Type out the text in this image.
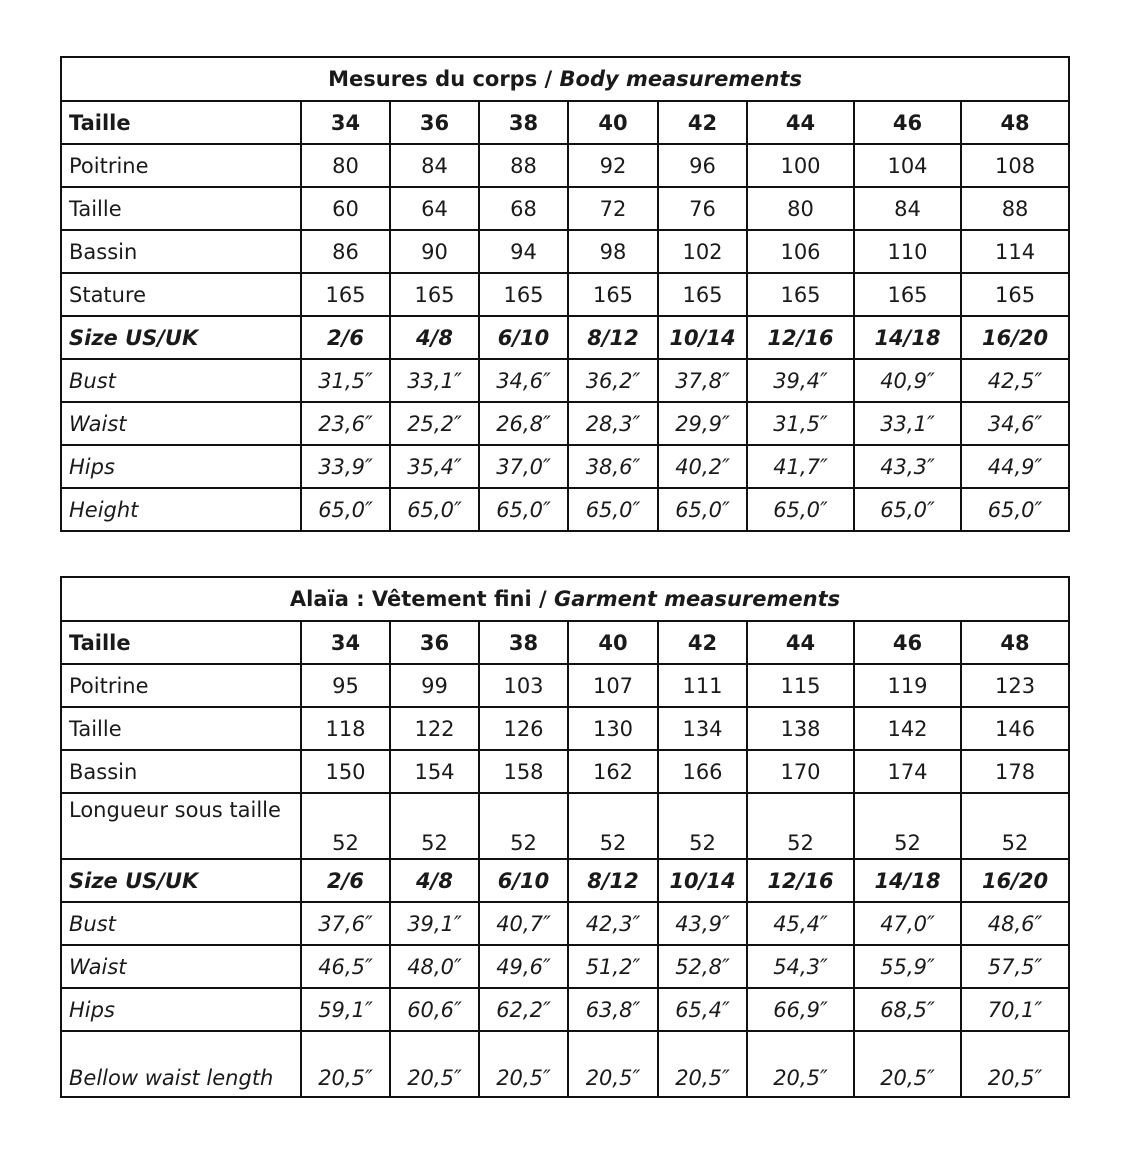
Mesures du corps / Body measurements								
Taille	34	36	38	40	42	44	46	48
Poitrine	80	84	88	92	96	100	104	108
Taille	60	64	68	72	76	80	84	88
Bassin	86	90	94	98	102	106	110	114
Stature	165	165	165	165	165	165	165	165
Size US/UK	2/6	4/8	6/10	8/12	10/14	12/16	14/18	16/20
Bust	31,5″	33,1″	34,6″	36,2″	37,8″	39,4″	40,9″	42,5″
Waist	23,6″	25,2″	26,8″	28,3″	29,9″	31,5″	33,1″	34,6″
Hips	33,9″	35,4″	37,0″	38,6″	40,2″	41,7″	43,3″	44,9″
Height	65,0″	65,0″	65,0″	65,0″	65,0″	65,0″	65,0″	65,0″
Alaïa : Vêtement fini / Garment measurements								
Taille	34	36	38	40	42	44	46	48
Poitrine	95	99	103	107	111	115	119	123
Taille	118	122	126	130	134	138	142	146
Bassin	150	154	158	162	166	170	174	178
Longueur sous taille	52	52	52	52	52	52	52	52
Size US/UK	2/6	4/8	6/10	8/12	10/14	12/16	14/18	16/20
Bust	37,6″	39,1″	40,7″	42,3″	43,9″	45,4″	47,0″	48,6″
Waist	46,5″	48,0″	49,6″	51,2″	52,8″	54,3″	55,9″	57,5″
Hips	59,1″	60,6″	62,2″	63,8″	65,4″	66,9″	68,5″	70,1″
Bellow waist length	20,5″	20,5″	20,5″	20,5″	20,5″	20,5″	20,5″	20,5″
